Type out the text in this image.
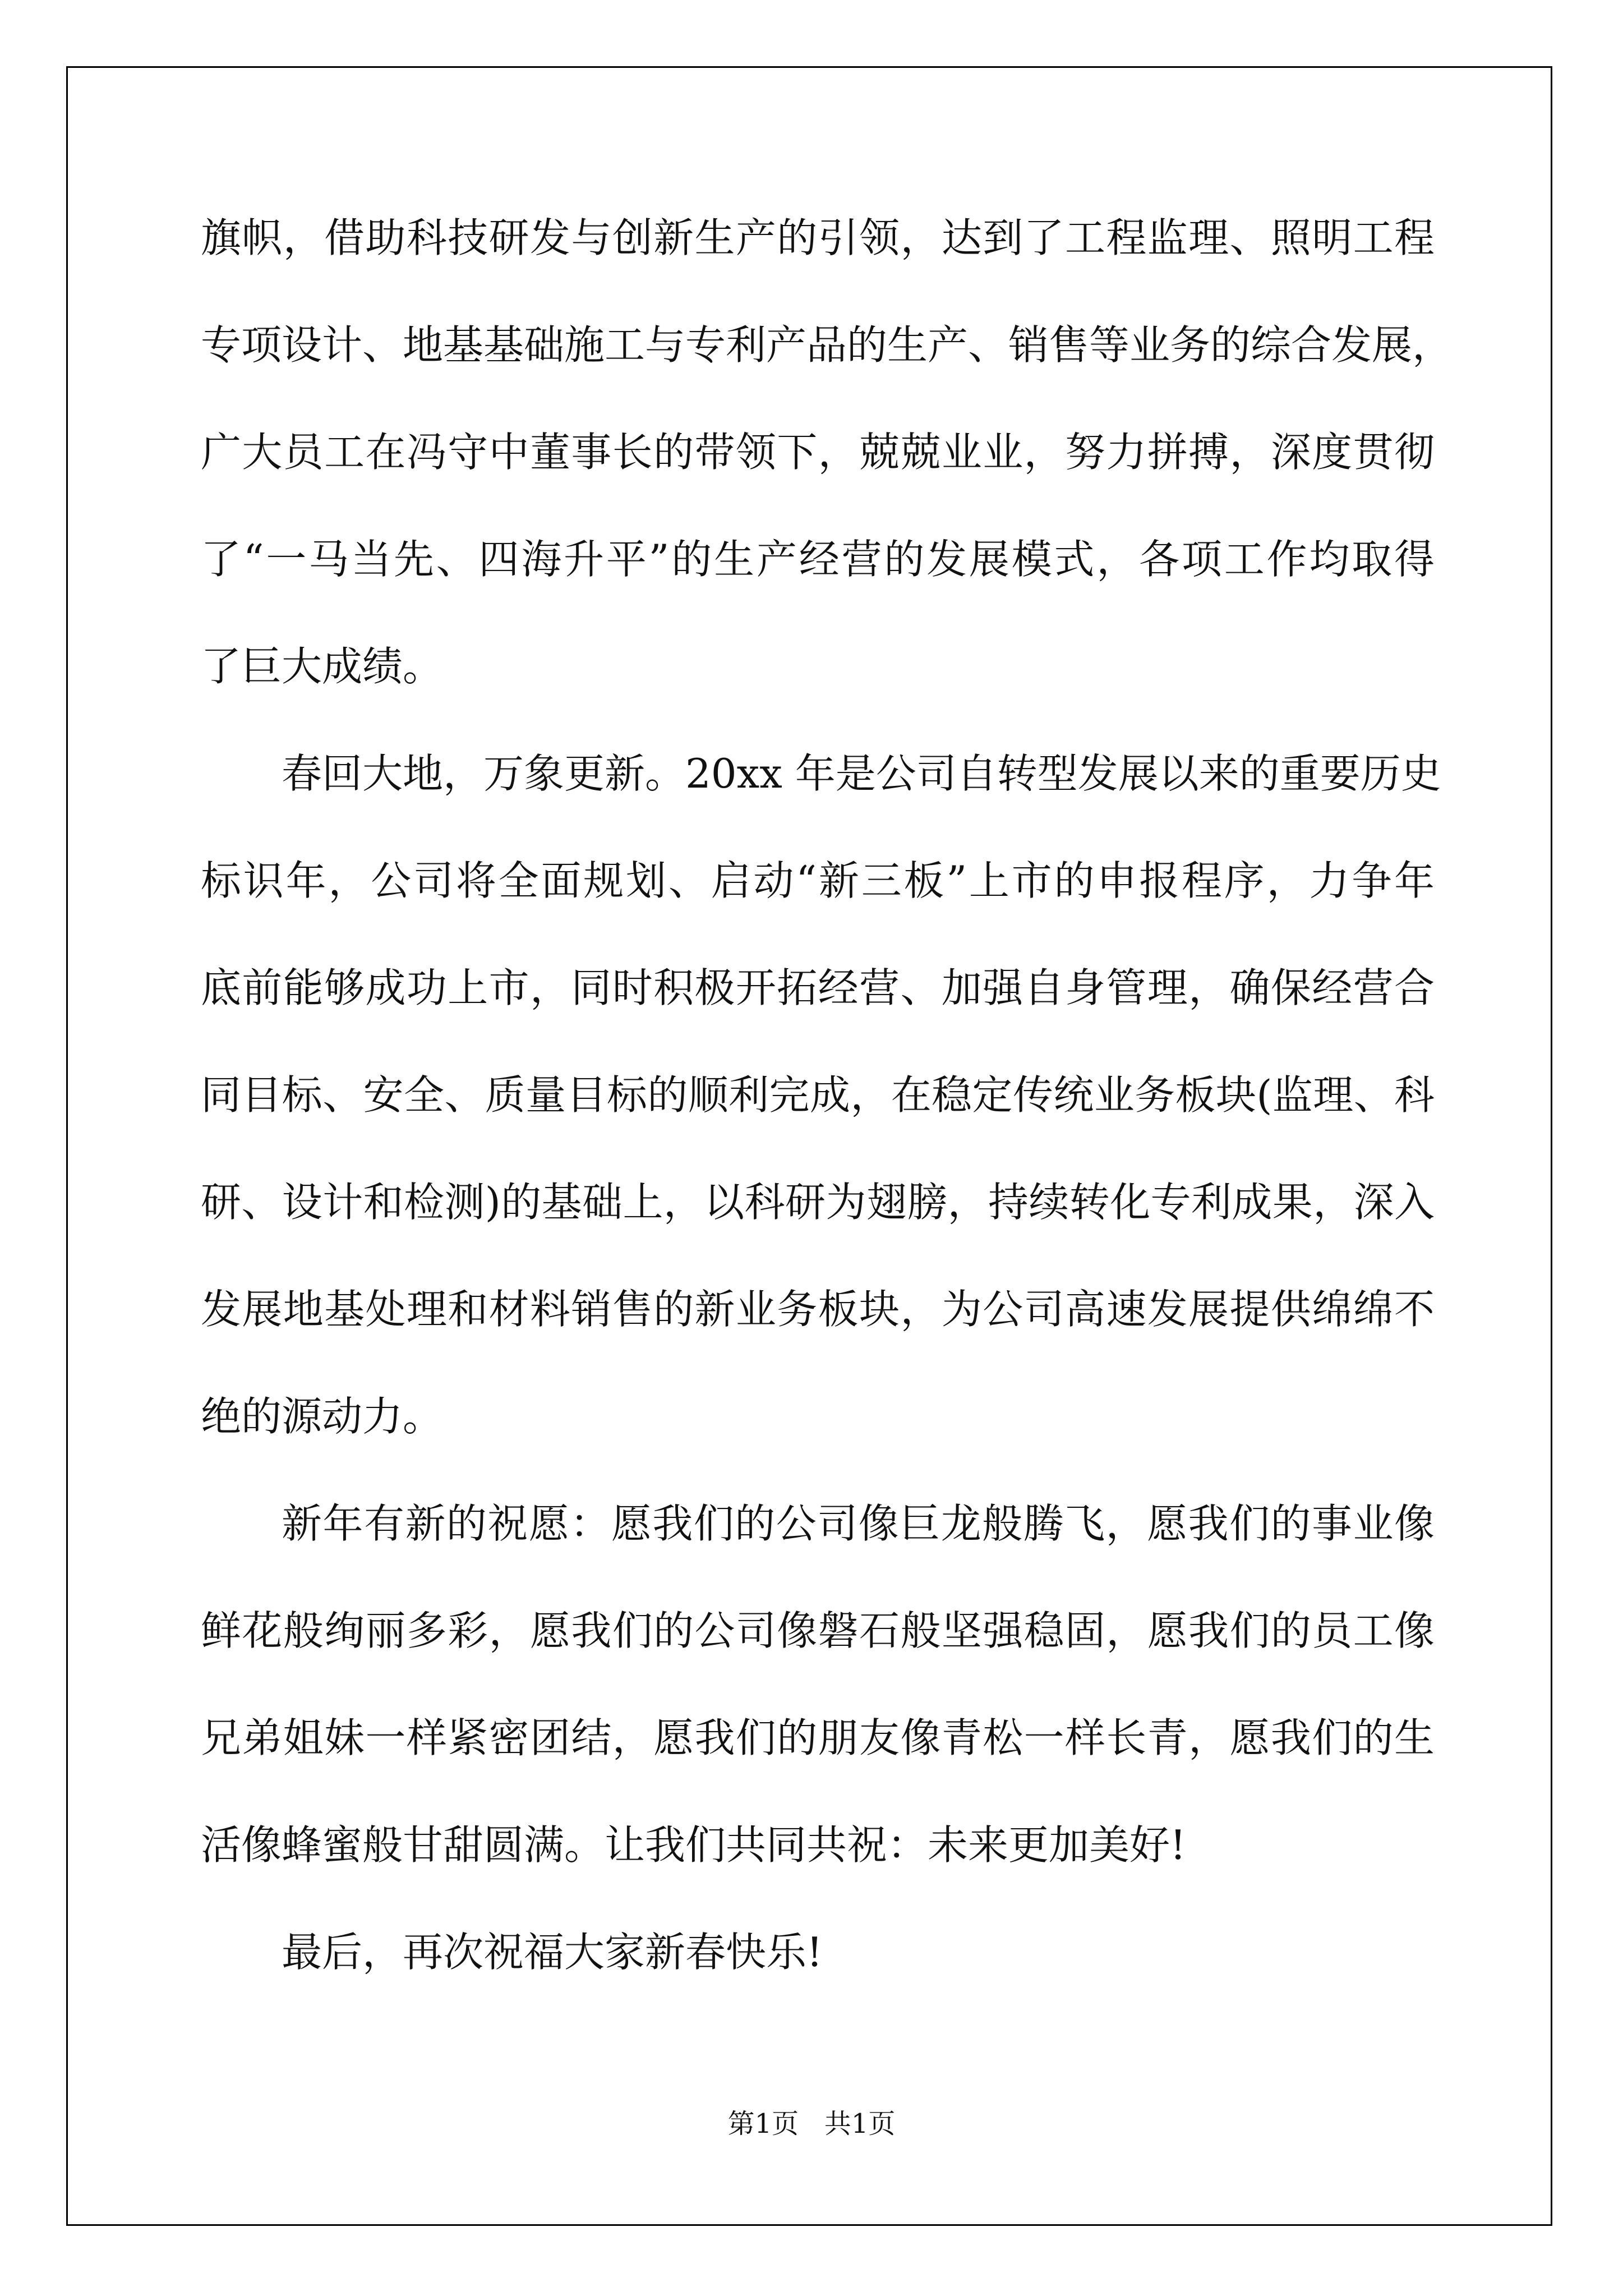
旗帜，借助科技研发与创新生产的引领，达到了工程监理、照明工程
专项设计、地基基础施工与专利产品的生产、销售等业务的综合发展，
广大员工在冯守中董事长的带领下，兢兢业业，努力拼搏，深度贯彻
了“一马当先、四海升平”的生产经营的发展模式，各项工作均取得
了巨大成绩。
春回大地，万象更新。20xx 年是公司自转型发展以来的重要历史
标识年，公司将全面规划、启动“新三板”上市的申报程序，力争年
底前能够成功上市，同时积极开拓经营、加强自身管理，确保经营合
同目标、安全、质量目标的顺利完成，在稳定传统业务板块(监理、科
研、设计和检测)的基础上，以科研为翅膀，持续转化专利成果，深入
发展地基处理和材料销售的新业务板块，为公司高速发展提供绵绵不
绝的源动力。
新年有新的祝愿：愿我们的公司像巨龙般腾飞，愿我们的事业像
鲜花般绚丽多彩，愿我们的公司像磐石般坚强稳固，愿我们的员工像
兄弟姐妹一样紧密团结，愿我们的朋友像青松一样长青，愿我们的生
活像蜂蜜般甘甜圆满。让我们共同共祝：未来更加美好!
最后，再次祝福大家新春快乐!
第1页   共1页
